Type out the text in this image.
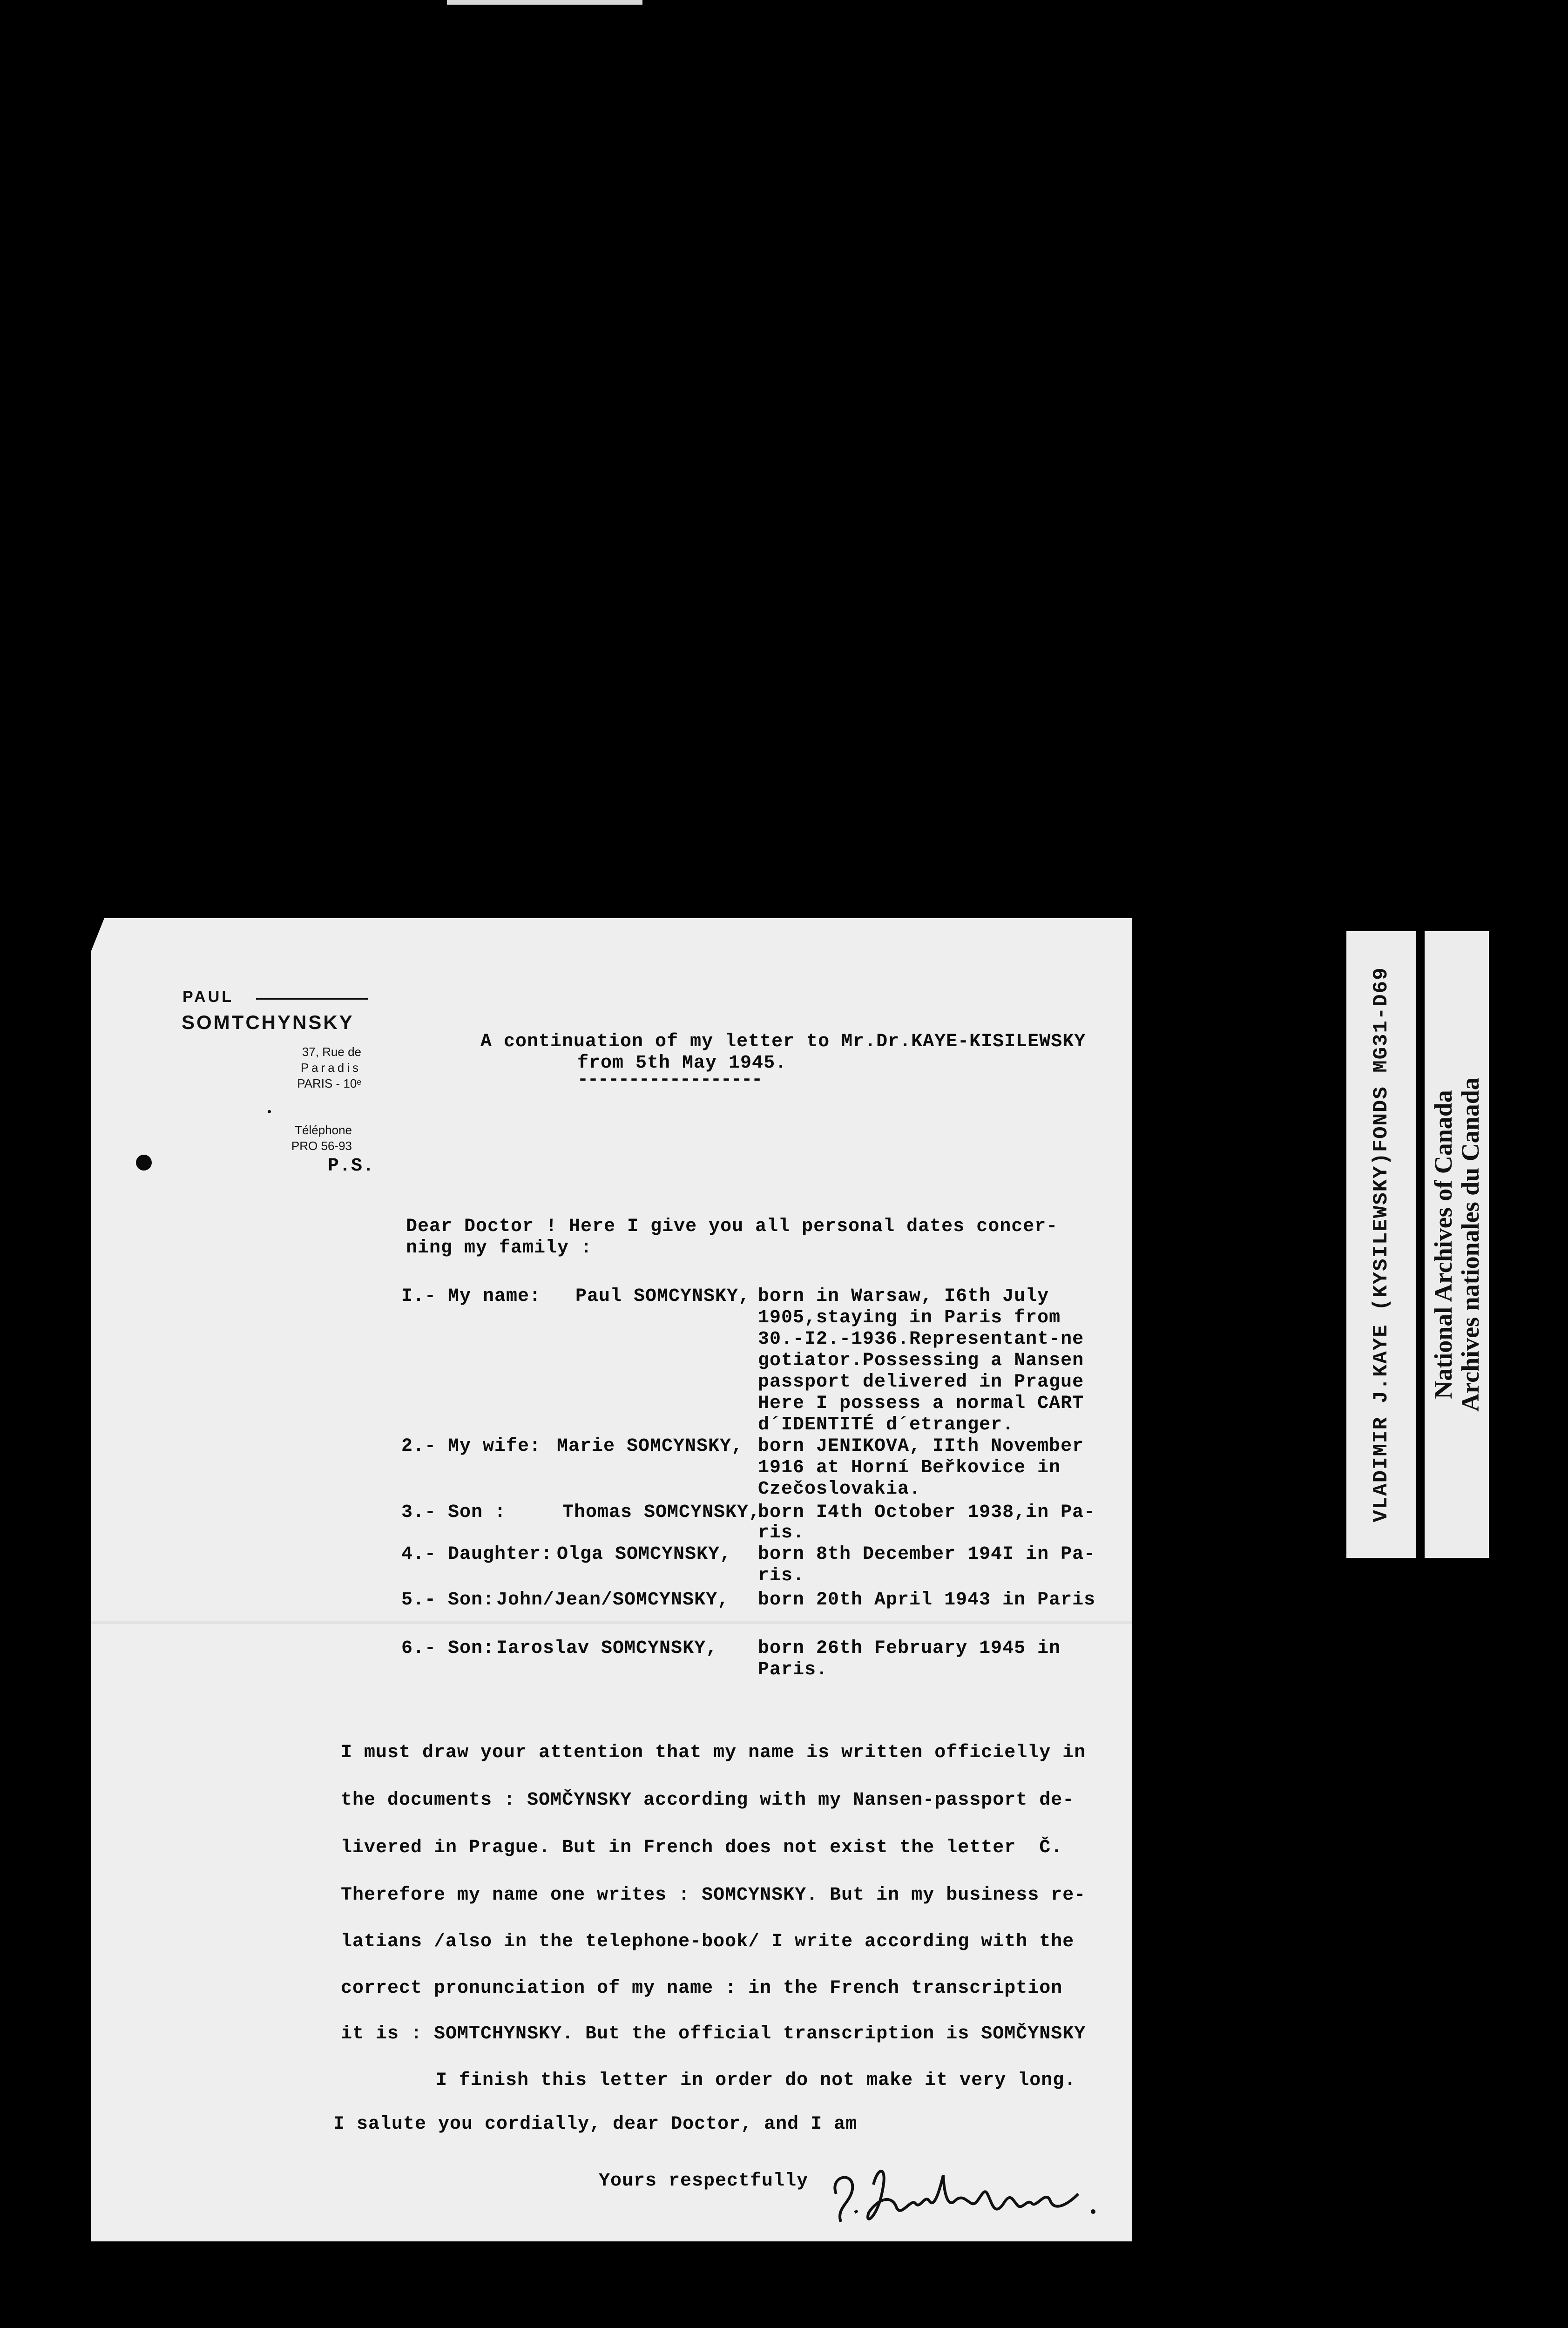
PAUL
SOMTCHYNSKY
37, Rue de
Paradis
PARIS - 10ᵉ
•
Téléphone
PRO 56-93
A continuation of my letter to Mr.Dr.KAYE-KISILEWSKY
from 5th May 1945.
------------------
P.S.
Dear Doctor ! Here I give you all personal dates concer-
ning my family :
I.- My name: Paul SOMCYNSKY, born in Warsaw, I6th July
1905,staying in Paris from
30.-I2.-1936.Representant-ne
gotiator.Possessing a Nansen
passport delivered in Prague
Here I possess a normal CART
d´IDENTITÉ d´etranger.
2.- My wife: Marie SOMCYNSKY, born JENIKOVA, IIth November
1916 at Horní Beřkovice in
Czečoslovakia.
3.- Son :	Thomas SOMCYNSKY,
born I4th October 1938,in Pa-
ris.
4.- Daughter: Olga SOMCYNSKY, born 8th December 194I in Pa-
ris.
5.- Son: John/Jean/SOMCYNSKY, born 20th April 1943 in Paris
6.- Son: Iaroslav SOMCYNSKY, born 26th February 1945 in
Paris.
I must draw your attention that my name is written officielly in
the documents : SOMČYNSKY according with my Nansen-passport de-
livered in Prague. But in French does not exist the letter  Č.
Therefore my name one writes : SOMCYNSKY. But in my business re-
latians /also in the telephone-book/ I write according with the
correct pronunciation of my name : in the French transcription
it is : SOMTCHYNSKY. But the official transcription is SOMČYNSKY
I finish this letter in order do not make it very long.
I salute you cordially, dear Doctor, and I am
Yours respectfully
VLADIMIR J.KAYE (KYSILEWSKY)FONDS MG31-D69	National Archives of Canada
Archives nationales du Canada
